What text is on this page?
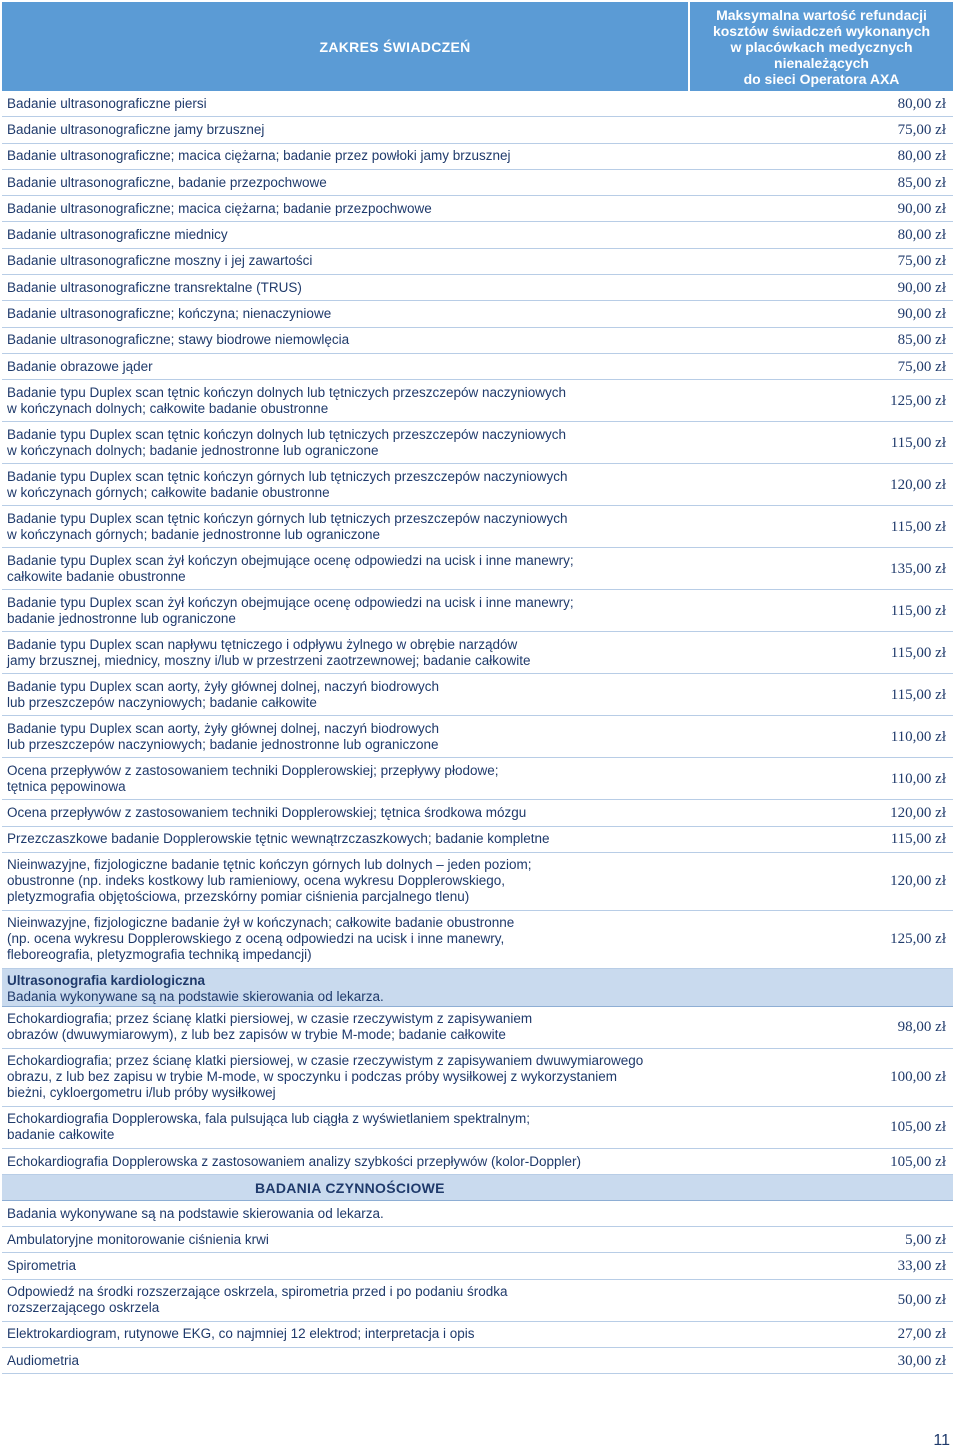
ZAKRES ŚWIADCZEŃ
Maksymalna wartość refundacji
kosztów świadczeń wykonanych
w placówkach medycznych
nienależących
do sieci Operatora AXA
Badanie ultrasonograficzne piersi	80,00 zł
Badanie ultrasonograficzne jamy brzusznej	75,00 zł
Badanie ultrasonograficzne; macica ciężarna; badanie przez powłoki jamy brzusznej	80,00 zł
Badanie ultrasonograficzne, badanie przezpochwowe	85,00 zł
Badanie ultrasonograficzne; macica ciężarna; badanie przezpochwowe	90,00 zł
Badanie ultrasonograficzne miednicy	80,00 zł
Badanie ultrasonograficzne moszny i jej zawartości	75,00 zł
Badanie ultrasonograficzne transrektalne (TRUS)	90,00 zł
Badanie ultrasonograficzne; kończyna; nienaczyniowe	90,00 zł
Badanie ultrasonograficzne; stawy biodrowe niemowlęcia	85,00 zł
Badanie obrazowe jąder	75,00 zł
Badanie typu Duplex scan tętnic kończyn dolnych lub tętniczych przeszczepów naczyniowych
w kończynach dolnych; całkowite badanie obustronne	125,00 zł
Badanie typu Duplex scan tętnic kończyn dolnych lub tętniczych przeszczepów naczyniowych
w kończynach dolnych; badanie jednostronne lub ograniczone	115,00 zł
Badanie typu Duplex scan tętnic kończyn górnych lub tętniczych przeszczepów naczyniowych
w kończynach górnych; całkowite badanie obustronne	120,00 zł
Badanie typu Duplex scan tętnic kończyn górnych lub tętniczych przeszczepów naczyniowych
w kończynach górnych; badanie jednostronne lub ograniczone	115,00 zł
Badanie typu Duplex scan żył kończyn obejmujące ocenę odpowiedzi na ucisk i inne manewry;
całkowite badanie obustronne	135,00 zł
Badanie typu Duplex scan żył kończyn obejmujące ocenę odpowiedzi na ucisk i inne manewry;
badanie jednostronne lub ograniczone	115,00 zł
Badanie typu Duplex scan napływu tętniczego i odpływu żylnego w obrębie narządów
jamy brzusznej, miednicy, moszny i/lub w przestrzeni zaotrzewnowej; badanie całkowite	115,00 zł
Badanie typu Duplex scan aorty, żyły głównej dolnej, naczyń biodrowych
lub przeszczepów naczyniowych; badanie całkowite	115,00 zł
Badanie typu Duplex scan aorty, żyły głównej dolnej, naczyń biodrowych
lub przeszczepów naczyniowych; badanie jednostronne lub ograniczone	110,00 zł
Ocena przepływów z zastosowaniem techniki Dopplerowskiej; przepływy płodowe;
tętnica pępowinowa	110,00 zł
Ocena przepływów z zastosowaniem techniki Dopplerowskiej; tętnica środkowa mózgu	120,00 zł
Przezczaszkowe badanie Dopplerowskie tętnic wewnątrzczaszkowych; badanie kompletne	115,00 zł
Nieinwazyjne, fizjologiczne badanie tętnic kończyn górnych lub dolnych – jeden poziom;
obustronne (np. indeks kostkowy lub ramieniowy, ocena wykresu Dopplerowskiego,
pletyzmografia objętościowa, przezskórny pomiar ciśnienia parcjalnego tlenu)
120,00 zł
Nieinwazyjne, fizjologiczne badanie żył w kończynach; całkowite badanie obustronne
(np. ocena wykresu Dopplerowskiego z oceną odpowiedzi na ucisk i inne manewry,
fleboreografia, pletyzmografia techniką impedancji)
125,00 zł
Ultrasonografia kardiologiczna
Badania wykonywane są na podstawie skierowania od lekarza.
Echokardiografia; przez ścianę klatki piersiowej, w czasie rzeczywistym z zapisywaniem
obrazów (dwuwymiarowym), z lub bez zapisów w trybie M-mode; badanie całkowite	98,00 zł
Echokardiografia; przez ścianę klatki piersiowej, w czasie rzeczywistym z zapisywaniem dwuwymiarowego
obrazu, z lub bez zapisu w trybie M-mode, w spoczynku i podczas próby wysiłkowej z wykorzystaniem
bieżni, cykloergometru i/lub próby wysiłkowej
100,00 zł
Echokardiografia Dopplerowska, fala pulsująca lub ciągła z wyświetlaniem spektralnym;
badanie całkowite	105,00 zł
Echokardiografia Dopplerowska z zastosowaniem analizy szybkości przepływów (kolor-Doppler)	105,00 zł
BADANIA CZYNNOŚCIOWE
Badania wykonywane są na podstawie skierowania od lekarza.
Ambulatoryjne monitorowanie ciśnienia krwi	5,00 zł
Spirometria	33,00 zł
Odpowiedź na środki rozszerzające oskrzela, spirometria przed i po podaniu środka
rozszerzającego oskrzela	50,00 zł
Elektrokardiogram, rutynowe EKG, co najmniej 12 elektrod; interpretacja i opis	27,00 zł
Audiometria	30,00 zł
11
